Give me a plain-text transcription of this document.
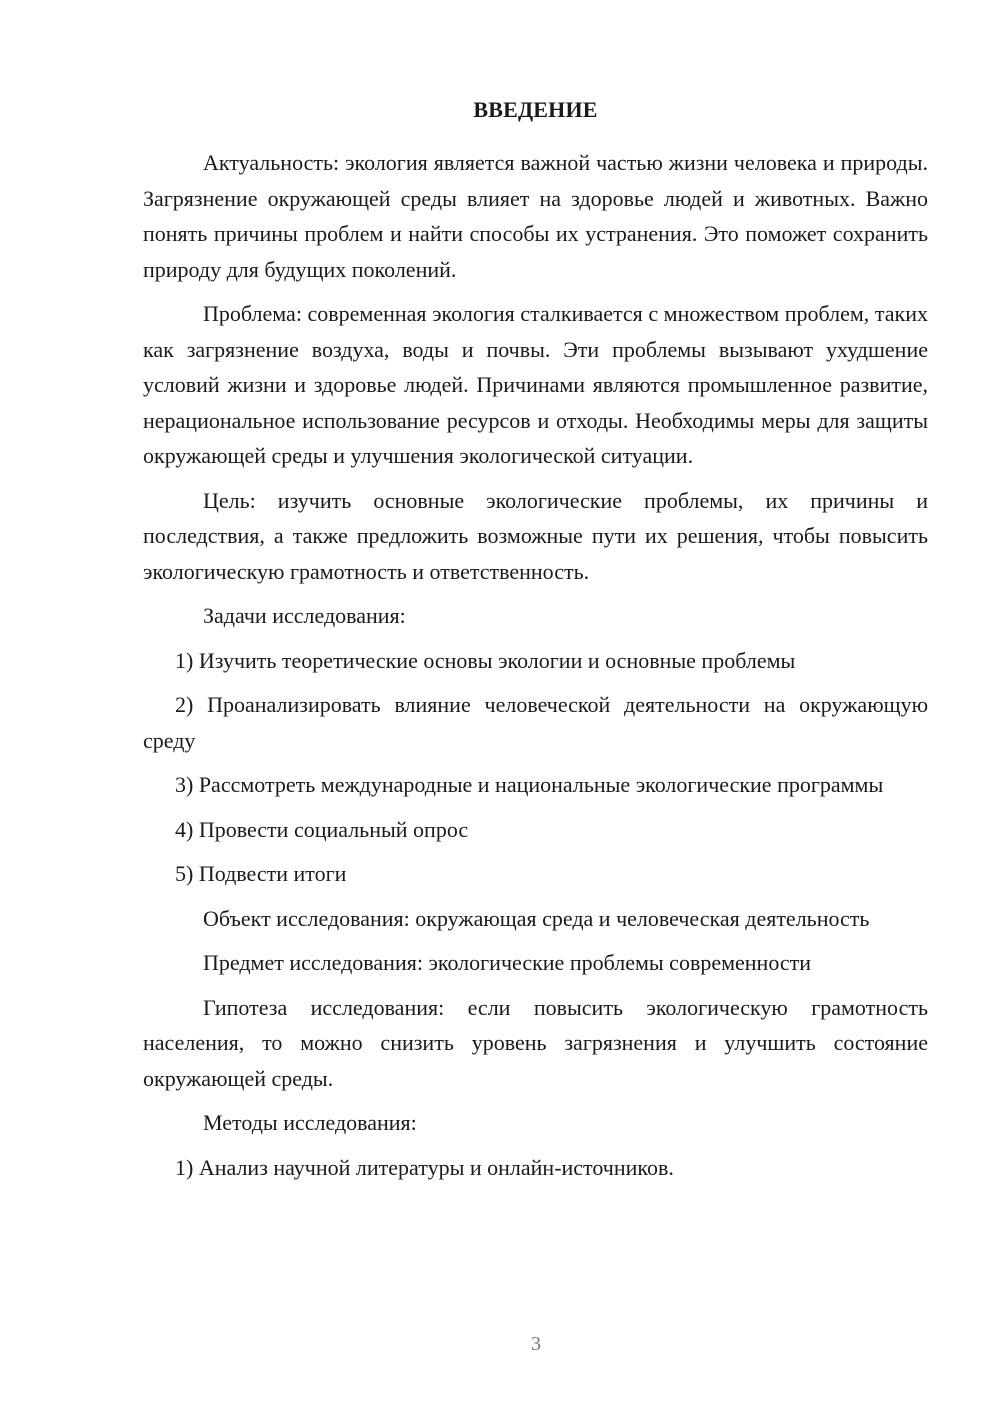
ВВЕДЕНИЕ

Актуальность: экология является важной частью жизни человека и природы. Загрязнение окружающей среды влияет на здоровье людей и животных. Важно понять причины проблем и найти способы их устранения. Это поможет сохранить природу для будущих поколений.

Проблема: современная экология сталкивается с множеством проблем, таких как загрязнение воздуха, воды и почвы. Эти проблемы вызывают ухудшение условий жизни и здоровье людей. Причинами являются промышленное развитие, нерациональное использование ресурсов и отходы. Необходимы меры для защиты окружающей среды и улучшения экологической ситуации.

Цель: изучить основные экологические проблемы, их причины и последствия, а также предложить возможные пути их решения, чтобы повысить экологическую грамотность и ответственность.

Задачи исследования:

1) Изучить теоретические основы экологии и основные проблемы

2) Проанализировать влияние человеческой деятельности на окружающую среду

3) Рассмотреть международные и национальные экологические программы

4) Провести социальный опрос

5) Подвести итоги

Объект исследования: окружающая среда и человеческая деятельность

Предмет исследования: экологические проблемы современности

Гипотеза исследования: если повысить экологическую грамотность населения, то можно снизить уровень загрязнения и улучшить состояние окружающей среды.

Методы исследования:

1) Анализ научной литературы и онлайн-источников.

3
